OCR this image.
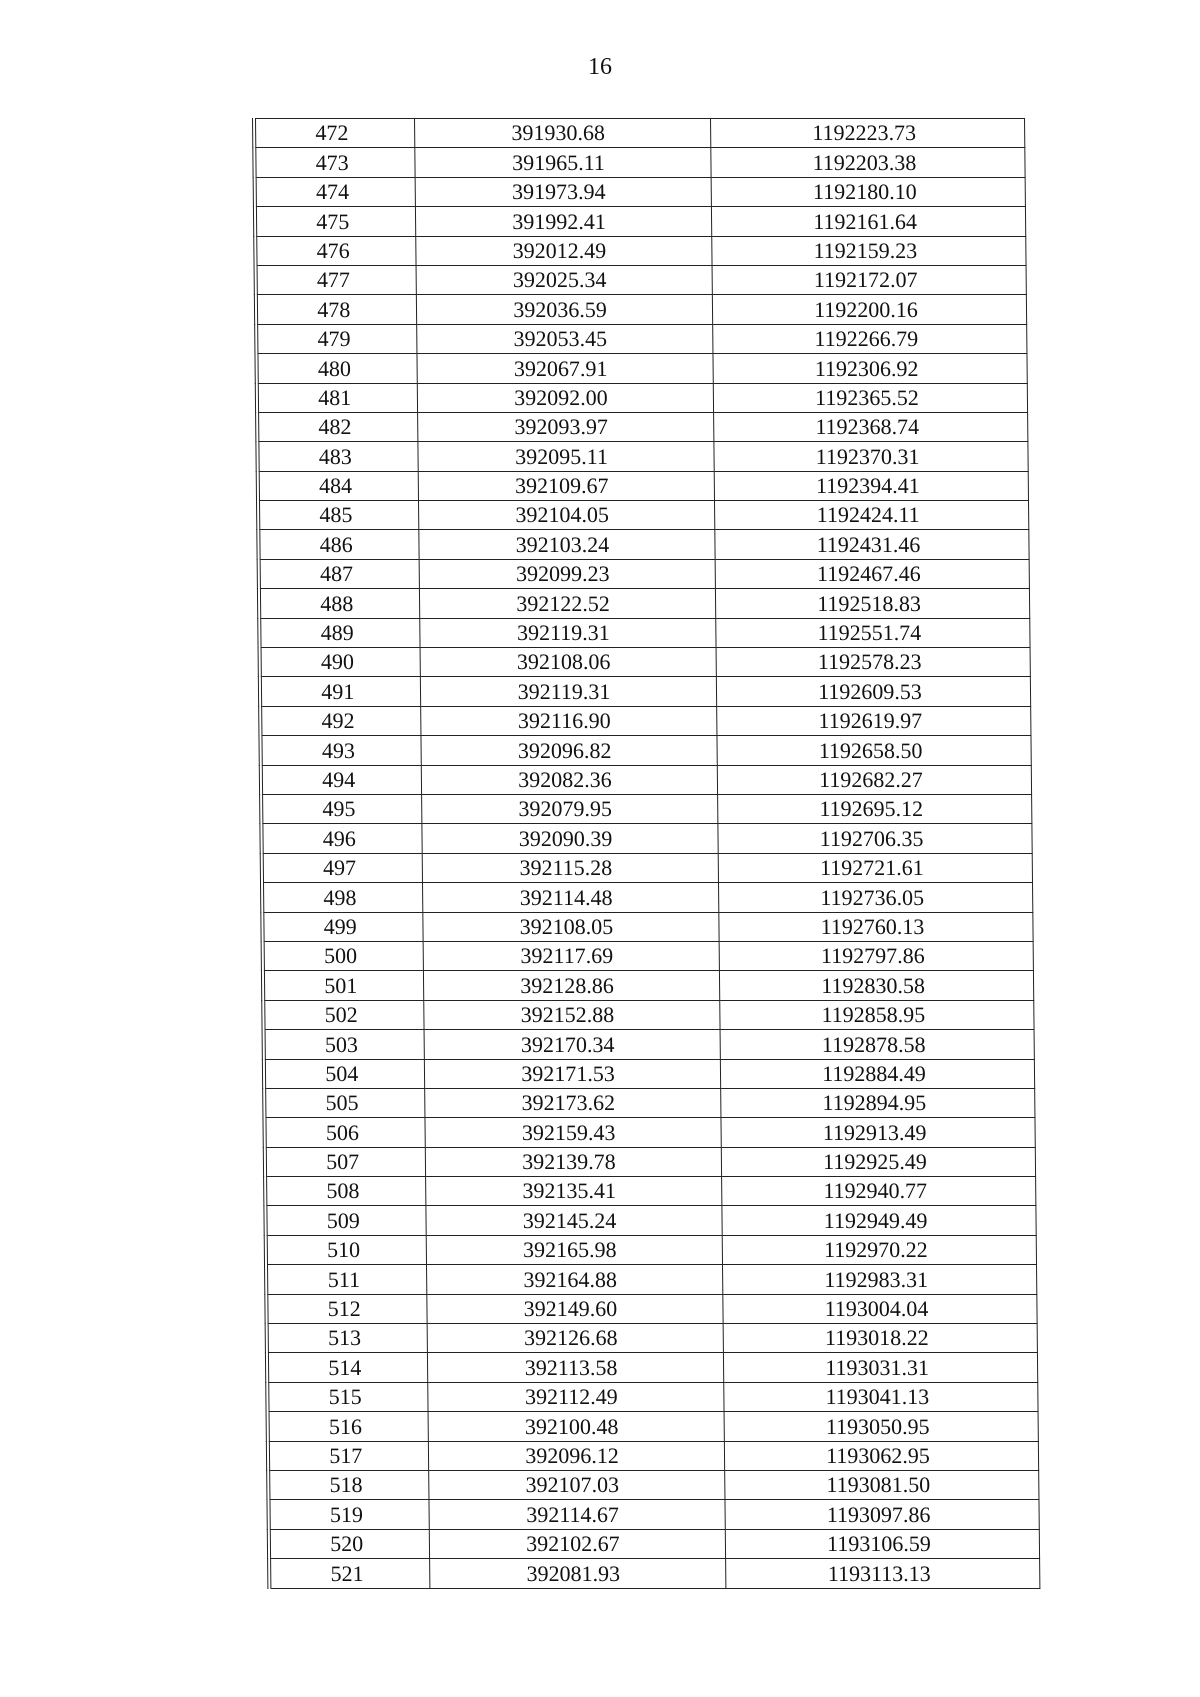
16
472	391930.68	1192223.73
473	391965.11	1192203.38
474	391973.94	1192180.10
475	391992.41	1192161.64
476	392012.49	1192159.23
477	392025.34	1192172.07
478	392036.59	1192200.16
479	392053.45	1192266.79
480	392067.91	1192306.92
481	392092.00	1192365.52
482	392093.97	1192368.74
483	392095.11	1192370.31
484	392109.67	1192394.41
485	392104.05	1192424.11
486	392103.24	1192431.46
487	392099.23	1192467.46
488	392122.52	1192518.83
489	392119.31	1192551.74
490	392108.06	1192578.23
491	392119.31	1192609.53
492	392116.90	1192619.97
493	392096.82	1192658.50
494	392082.36	1192682.27
495	392079.95	1192695.12
496	392090.39	1192706.35
497	392115.28	1192721.61
498	392114.48	1192736.05
499	392108.05	1192760.13
500	392117.69	1192797.86
501	392128.86	1192830.58
502	392152.88	1192858.95
503	392170.34	1192878.58
504	392171.53	1192884.49
505	392173.62	1192894.95
506	392159.43	1192913.49
507	392139.78	1192925.49
508	392135.41	1192940.77
509	392145.24	1192949.49
510	392165.98	1192970.22
511	392164.88	1192983.31
512	392149.60	1193004.04
513	392126.68	1193018.22
514	392113.58	1193031.31
515	392112.49	1193041.13
516	392100.48	1193050.95
517	392096.12	1193062.95
518	392107.03	1193081.50
519	392114.67	1193097.86
520	392102.67	1193106.59
521	392081.93	1193113.13
